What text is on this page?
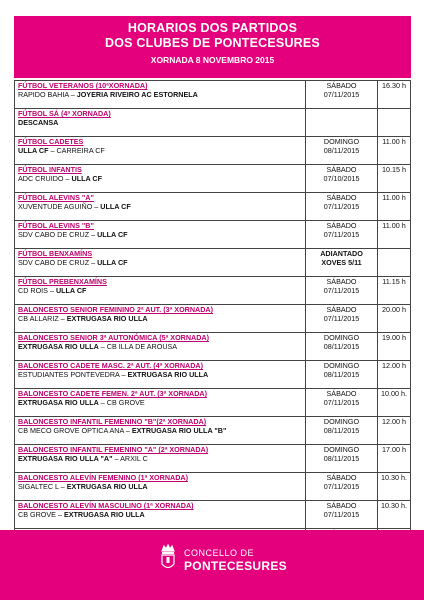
HORARIOS DOS PARTIDOS
DOS CLUBES DE PONTECESURES
XORNADA 8 NOVEMBRO 2015
FÚTBOL VETERANOS (10ªXORNADA)
RAPIDO BAHIA – JOYERIA RIVEIRO AC ESTORNELA	SÁBADO
07/11/2015	16.30 h

FÚTBOL SÁ (4ª XORNADA)
DESCANSA		

FÚTBOL CADETES
ULLA CF – CARREIRA CF	DOMINGO
08/11/2015	11.00 h

FÚTBOL INFANTIS
ADC CRUIDO – ULLA CF	SÁBADO
07/10/2015	10.15 h

FÚTBOL ALEVINS "A"
XUVENTUDE AGUIÑO – ULLA CF	SÁBADO
07/11/2015	11.00 h

FÚTBOL ALEVINS "B"
SDV CABO DE CRUZ – ULLA CF	SÁBADO
07/11/2015	11.00 h

FÚTBOL BENXAMÍNS
SDV CABO DE CRUZ – ULLA CF	ADIANTADO
XOVES 5/11	

FÚTBOL PREBENXAMÍNS
CD ROIS – ULLA CF	SÁBADO
07/11/2015	11.15 h

BALONCESTO SENIOR FEMININO 2ª AUT. (3ª XORNADA)
CB ALLARIZ – EXTRUGASA RIO ULLA	SÁBADO
07/11/2015	20.00 h

BALONCESTO SENIOR 3ª AUTONÓMICA (5ª XORNADA)
EXTRUGASA RIO ULLA – CB ILLA DE AROUSA	DOMINGO
08/11/2015	19.00 h

BALONCESTO CADETE MASC. 2ª AUT. (4ª XORNADA)
ESTUDIANTES PONTEVEDRA – EXTRUGASA RIO ULLA	DOMINGO
08/11/2015	12.00 h

BALONCESTO CADETE FEMEN. 2ª AUT. (3ª XORNADA)
EXTRUGASA RIO ULLA – CB GROVE	SÁBADO
07/11/2015	10.00 h.

BALONCESTO INFANTIL FEMENINO "B"(2ª XORNADA)
CB MECO GROVE OPTICA ANA – EXTRUGASA RIO ULLA "B"	DOMINGO
08/11/2015	12.00 h

BALONCESTO INFANTIL FEMENINO "A" (2ª XORNADA)
EXTRUGASA RIO ULLA "A" – ARXIL C	DOMINGO
08/11/2015	17.00 h

BALONCESTO ALEVÍN FEMENINO (1ª XORNADA)
SIGALTEC L – EXTRUGASA RIO ULLA	SÁBADO
07/11/2015	10.30 h.

BALONCESTO ALEVÍN MASCULINO (1ª XORNADA)
CB GROVE – EXTRUGASA RIO ULLA	SÁBADO
07/11/2015	10.30 h.

CONCELLO DE
PONTECESURES
